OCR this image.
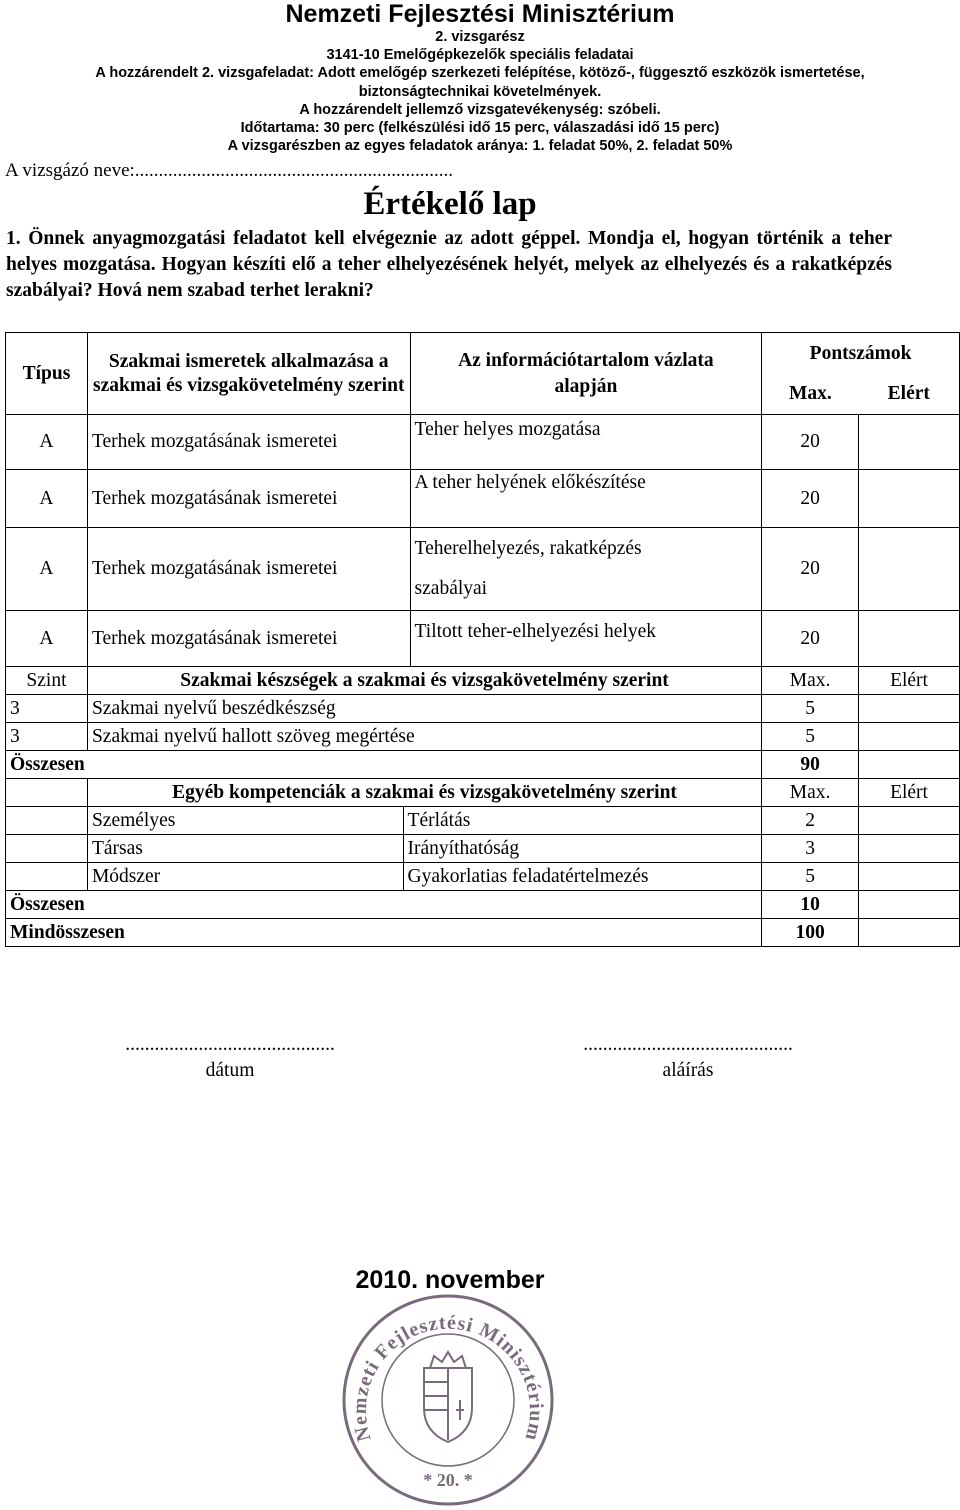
Nemzeti Fejlesztési Minisztérium
2. vizsgarész
3141-10 Emelőgépkezelők speciális feladatai
A hozzárendelt 2. vizsgafeladat: Adott emelőgép szerkezeti felépítése, kötöző-, függesztő eszközök ismertetése,
biztonságtechnikai követelmények.
A hozzárendelt jellemző vizsgatevékenység: szóbeli.
Időtartama: 30 perc (felkészülési idő 15 perc, válaszadási idő 15 perc)
A vizsgarészben az egyes feladatok aránya: 1. feladat 50%, 2. feladat 50%
A vizsgázó neve:...................................................................
Értékelő lap
1. Önnek anyagmozgatási feladatot kell elvégeznie az adott géppel. Mondja el, hogyan történik a teher helyes mozgatása. Hogyan készíti elő a teher elhelyezésének helyét, melyek az elhelyezés és a rakatképzés szabályai? Hová nem szabad terhet lerakni?
Típus	Szakmai ismeretek alkalmazása a szakmai és vizsgakövetelmény szerint	Az információtartalom vázlata alapján	Pontszámok	
			Max.	Elért
A	Terhek mozgatásának ismeretei	Teher helyes mozgatása	20	
A	Terhek mozgatásának ismeretei	A teher helyének előkészítése	20	
A	Terhek mozgatásának ismeretei	Teherelhelyezés, rakatképzés
szabályai	20	
A	Terhek mozgatásának ismeretei	Tiltott teher-elhelyezési helyek	20	
Szint	Szakmai készségek a szakmai és vizsgakövetelmény szerint		Max.	Elért
3	Szakmai nyelvű beszédkészség		5	
3	Szakmai nyelvű hallott szöveg megértése		5	
Összesen			90	
	Egyéb kompetenciák a szakmai és vizsgakövetelmény szerint		Max.	Elért
	Személyes	Térlátás	2	
	Társas	Irányíthatóság	3	
	Módszer	Gyakorlatias feladatértelmezés	5	
Összesen			10	
Mindösszesen			100	
...........................................
dátum
...........................................
aláírás
2010. november
Nemzeti Fejlesztési Minisztérium
* 20. *
